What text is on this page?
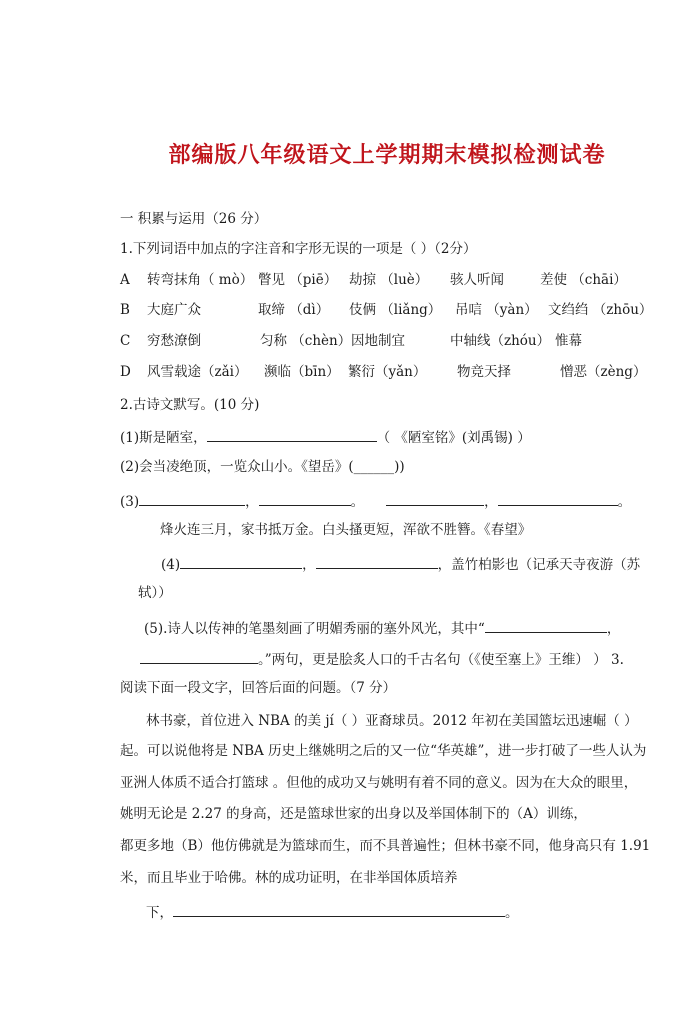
部编版八年级语文上学期期末模拟检测试卷
一 积累与运用（26 分）
1.下列词语中加点的字注音和字形无误的一项是（ ）（2分）
A 转弯抹角（ mò） 瞥见 （piē） 劫掠 （luè） 骇人听闻	差使 （chāi）
B 大庭广众	取缔 （dì） 伎俩 （liǎng） 吊唁 （yàn） 文绉绉 （zhōu）
C 穷愁潦倒	匀称 （chèn） 因地制宜	中轴线（zhóu） 惟幕
D 风雪载途（zǎi） 濒临（bīn） 繁衍（yǎn） 物竞天择	憎恶（zèng）
2.古诗文默写。(10 分)
(1)斯是陋室，	（ 《陋室铭》(刘禹锡) ）
(2)会当凌绝顶，一览众山小。《望岳》(______))
(3)	，	。	，	。
烽火连三月，家书抵万金。白头搔更短，浑欲不胜簪。《春望》
(4)	，	，盖竹柏影也（记承天寺夜游（苏
轼））
(5).诗人以传神的笔墨刻画了明媚秀丽的塞外风光，其中“	，
。”两句，更是脍炙人口的千古名句（《使至塞上》王维） ） 3.
阅读下面一段文字，回答后面的问题。（7 分）
林书豪，首位进入 NBA 的美 jí（ ）亚裔球员。2012 年初在美国篮坛迅速崛（ ）
起。可以说他将是 NBA 历史上继姚明之后的又一位“华英雄”，进一步打破了一些人认为
亚洲人体质不适合打篮球 。但他的成功又与姚明有着不同的意义。因为在大众的眼里，
姚明无论是 2.27 的身高，还是篮球世家的出身以及举国体制下的（A）训练，
都更多地（B）他仿佛就是为篮球而生，而不具普遍性；但林书豪不同，他身高只有 1.91
米，而且毕业于哈佛。林的成功证明，在非举国体质培养
下，	。
